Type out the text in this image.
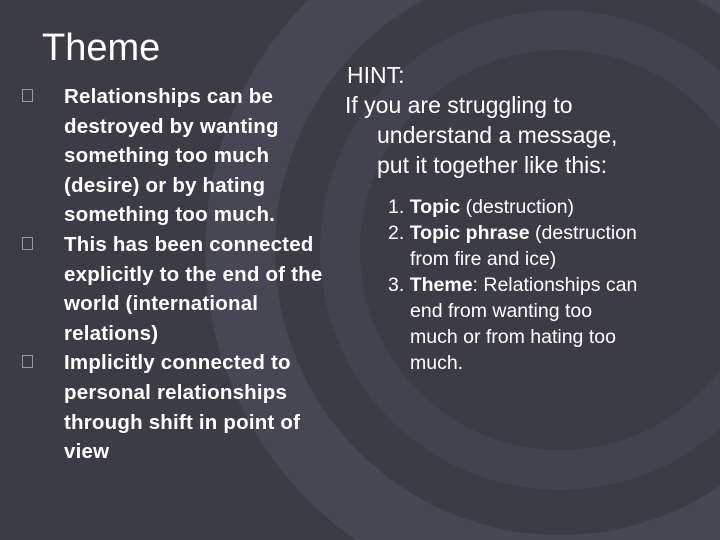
Theme

Relationships can be destroyed by wanting something too much (desire) or by hating something too much.

This has been connected explicitly to the end of the world (international relations)

Implicitly connected to personal relationships through shift in point of view

HINT:

If you are struggling to understand a message, put it together like this:

1. Topic (destruction)

2. Topic phrase (destruction from fire and ice)

3. Theme: Relationships can end from wanting too much or from hating too much.
